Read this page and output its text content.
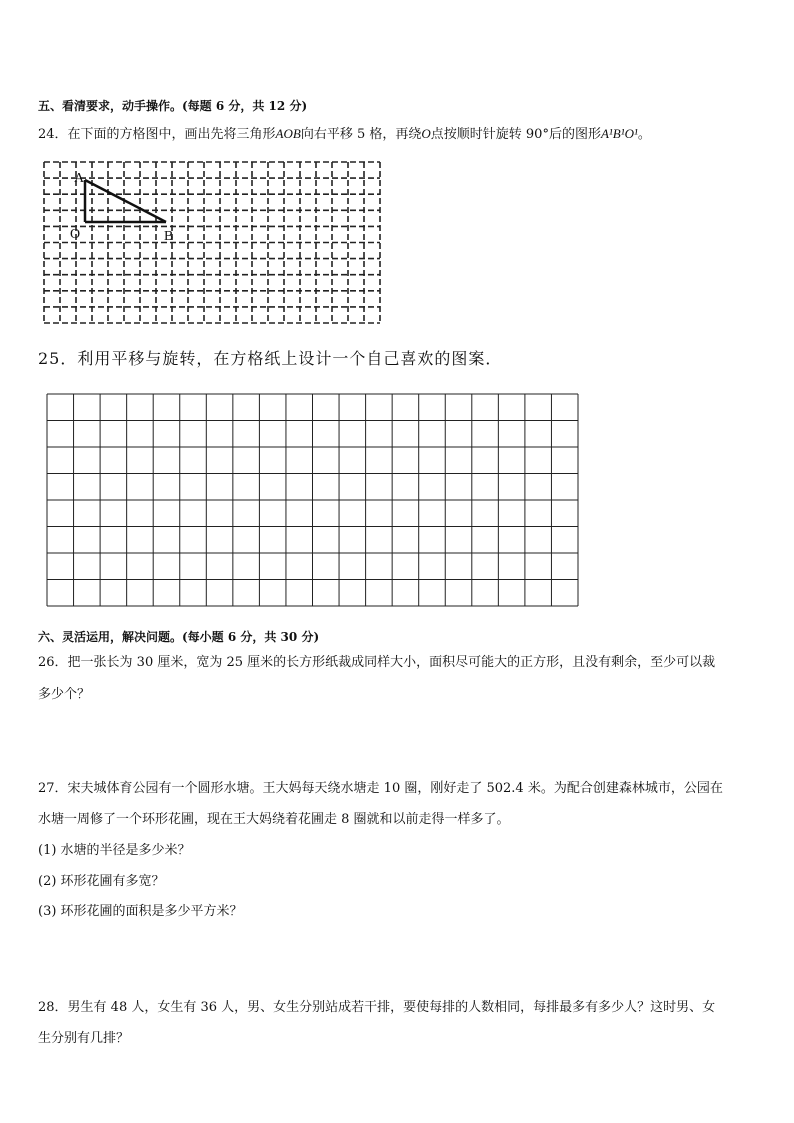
五、看清要求，动手操作。(每题 6 分，共 12 分)
24．在下面的方格图中，画出先将三角形AOB向右平移 5 格，再绕O点按顺时针旋转 90°后的图形A¹B¹O¹。
A
O	B
25．利用平移与旋转，在方格纸上设计一个自己喜欢的图案．
六、灵活运用，解决问题。(每小题 6 分，共 30 分)
26．把一张长为 30 厘米，宽为 25 厘米的长方形纸裁成同样大小，面积尽可能大的正方形，且没有剩余，至少可以裁
多少个？
27．宋夫城体育公园有一个圆形水塘。王大妈每天绕水塘走 10 圈，刚好走了 502.4 米。为配合创建森林城市，公园在
水塘一周修了一个环形花圃，现在王大妈绕着花圃走 8 圈就和以前走得一样多了。
(1) 水塘的半径是多少米？
(2) 环形花圃有多宽？
(3) 环形花圃的面积是多少平方米？
28．男生有 48 人，女生有 36 人，男、女生分别站成若干排，要使每排的人数相同，每排最多有多少人？这时男、女
生分别有几排？
